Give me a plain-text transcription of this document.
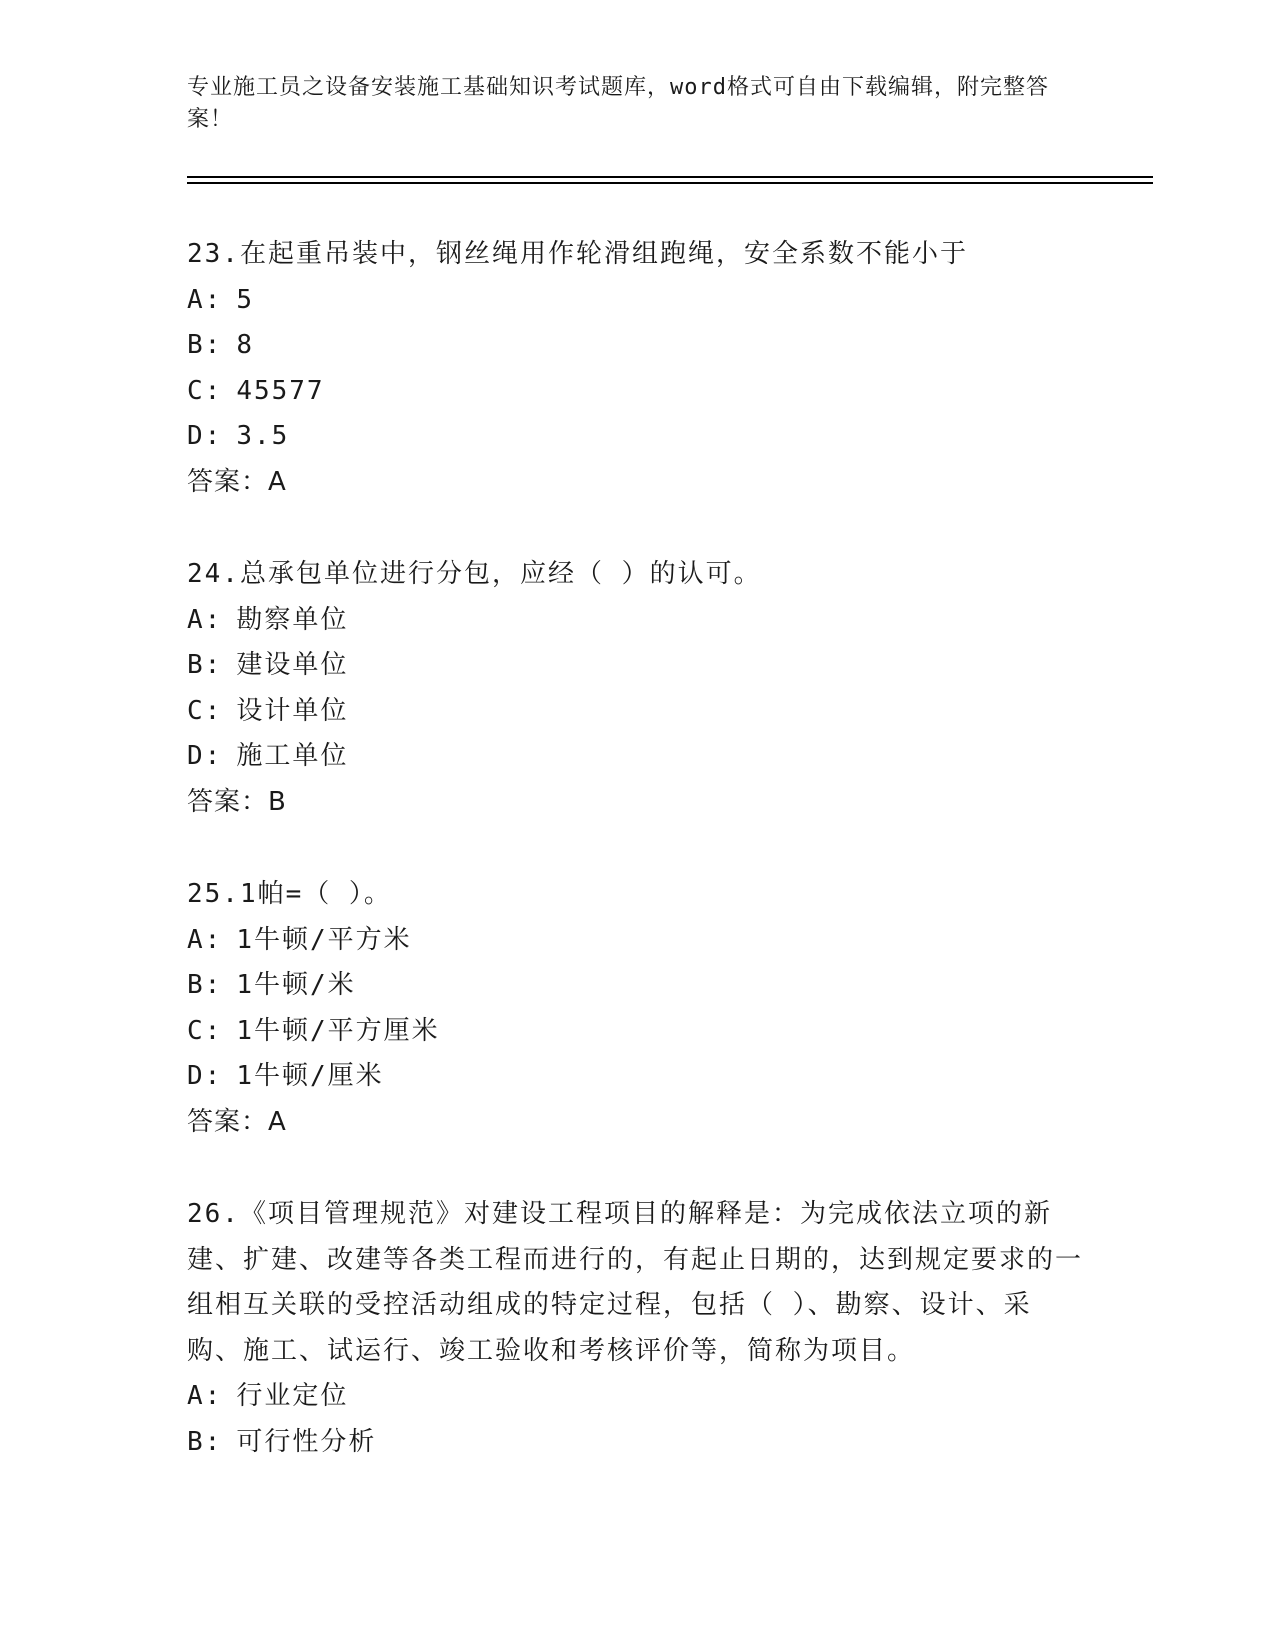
专业施工员之设备安装施工基础知识考试题库，word格式可自由下载编辑，附完整答案！
23.在起重吊装中，钢丝绳用作轮滑组跑绳，安全系数不能小于
A: 5
B: 8
C: 45577
D: 3.5
答案：A
24.总承包单位进行分包，应经（ ）的认可。
A: 勘察单位
B: 建设单位
C: 设计单位
D: 施工单位
答案：B
25.1帕=（ ）。
A: 1牛顿/平方米
B: 1牛顿/米
C: 1牛顿/平方厘米
D: 1牛顿/厘米
答案：A
26.《项目管理规范》对建设工程项目的解释是：为完成依法立项的新建、扩建、改建等各类工程而进行的，有起止日期的，达到规定要求的一组相互关联的受控活动组成的特定过程，包括（ ）、勘察、设计、采购、施工、试运行、竣工验收和考核评价等，简称为项目。
A: 行业定位
B: 可行性分析
